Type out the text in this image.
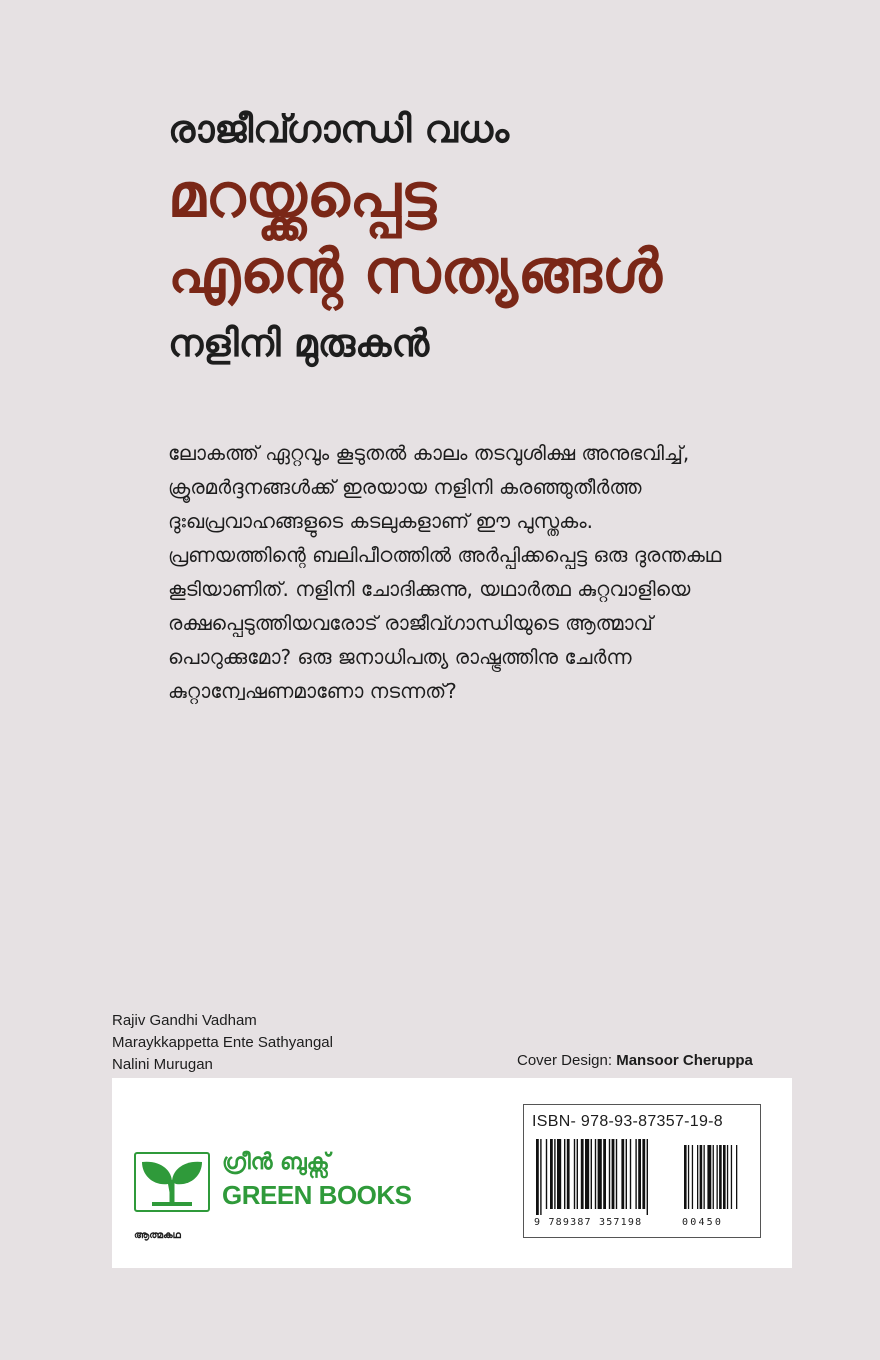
രാജീവ്ഗാന്ധി വധം

മറയ്ക്കപ്പെട്ട

എന്റെ സത്യങ്ങൾ

നളിനി മുരുകൻ

ലോകത്ത് ഏറ്റവും കൂടുതൽ കാലം തടവുശിക്ഷ അനുഭവിച്ച്,

ക്രൂരമർദ്ദനങ്ങൾക്ക് ഇരയായ നളിനി കരഞ്ഞുതീർത്ത

ദുഃഖപ്രവാഹങ്ങളുടെ കടലുകളാണ് ഈ പുസ്തകം.

പ്രണയത്തിന്റെ ബലിപീഠത്തിൽ അർപ്പിക്കപ്പെട്ട ഒരു ദുരന്തകഥ

കൂടിയാണിത്. നളിനി ചോദിക്കുന്നു, യഥാർത്ഥ കുറ്റവാളിയെ

രക്ഷപ്പെടുത്തിയവരോട് രാജീവ്ഗാന്ധിയുടെ ആത്മാവ്

പൊറുക്കുമോ? ഒരു ജനാധിപത്യ രാഷ്ട്രത്തിനു ചേർന്ന

കുറ്റാന്വേഷണമാണോ നടന്നത്?

Rajiv Gandhi Vadham
Maraykkappetta Ente Sathyangal
Nalini Murugan	Cover Design: Mansoor Cheruppa
ഗ്രീൻ ബുക്സ്
GREEN BOOKS
ആത്മകഥ
ISBN- 978-93-87357-19-8
9 789387 357198	00450
